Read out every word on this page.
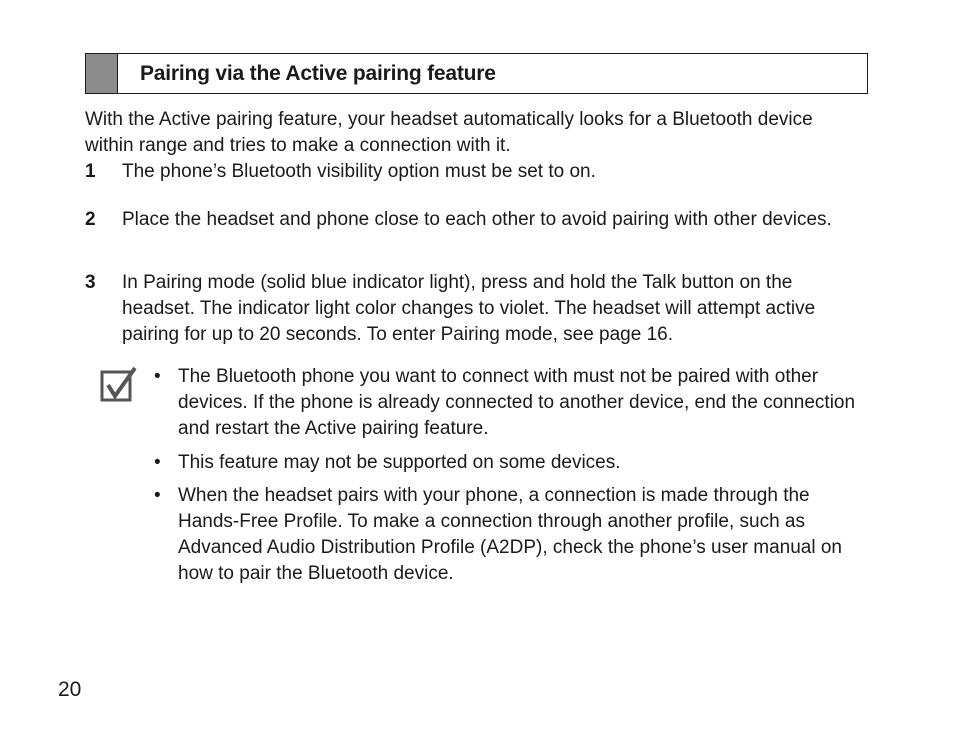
Pairing via the Active pairing feature

With the Active pairing feature, your headset automatically looks for a Bluetooth device within range and tries to make a connection with it.

1	The phone’s Bluetooth visibility option must be set to on.
2	Place the headset and phone close to each other to avoid pairing with other devices.
3	In Pairing mode (solid blue indicator light), press and hold the Talk button on the headset. The indicator light color changes to violet. The headset will attempt active pairing for up to 20 seconds. To enter Pairing mode, see page 16.
• The Bluetooth phone you want to connect with must not be paired with other devices. If the phone is already connected to another device, end the connection and restart the Active pairing feature.
• This feature may not be supported on some devices.
• When the headset pairs with your phone, a connection is made through the Hands-Free Profile. To make a connection through another profile, such as Advanced Audio Distribution Profile (A2DP), check the phone’s user manual on how to pair the Bluetooth device.
20
